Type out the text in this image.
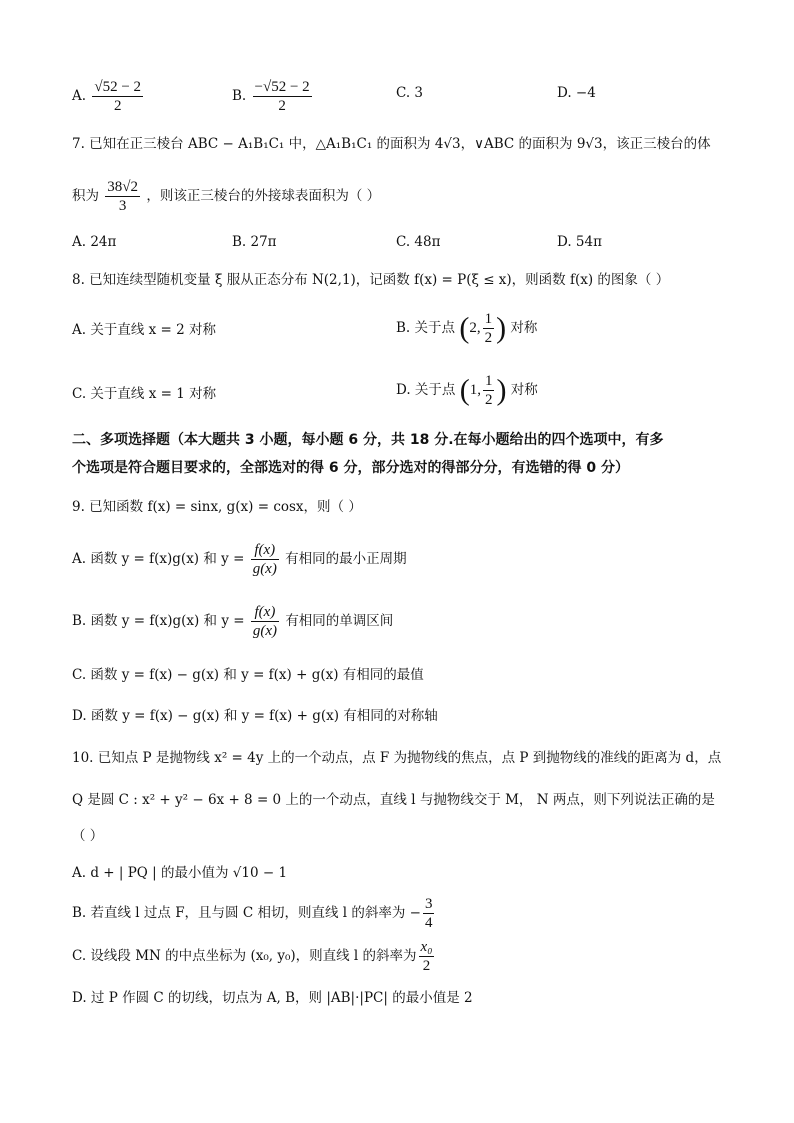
A. $\frac{√52 - 2}{2}$	B. $\frac{-√52 - 2}{2}$	C. 3	D. −4
7. 已知在正三棱台 ABC − A₁B₁C₁ 中，△A₁B₁C₁ 的面积为 4√3，∨ABC 的面积为 9√3，该正三棱台的体
积为 $\frac{38√2}{3}$ ，则该正三棱台的外接球表面积为（ ）
A. 24π	B. 27π	C. 48π	D. 54π
8. 已知连续型随机变量 ξ 服从正态分布 N(2,1)，记函数 f(x) = P(ξ ≤ x)，则函数 f(x) 的图象（ ）
A. 关于直线 x = 2 对称	B. 关于点 (2, $\frac{1}{2}$ ) 对称
C. 关于直线 x = 1 对称	D. 关于点 (1, $\frac{1}{2}$ ) 对称
二、多项选择题（本大题共 3 小题，每小题 6 分，共 18 分.在每小题给出的四个选项中，有多
个选项是符合题目要求的，全部选对的得 6 分，部分选对的得部分分，有选错的得 0 分）
9. 已知函数 f(x) = sinx, g(x) = cosx，则（ ）
A. 函数 y = f(x)g(x) 和 $y = \frac{f(x)}{g(x)}$ 有相同的最小正周期
B. 函数 y = f(x)g(x) 和 $y = \frac{f(x)}{g(x)}$ 有相同的单调区间
C. 函数 y = f(x) − g(x) 和 y = f(x) + g(x) 有相同的最值
D. 函数 y = f(x) − g(x) 和 y = f(x) + g(x) 有相同的对称轴
10. 已知点 P 是抛物线 x² = 4y 上的一个动点，点 F 为抛物线的焦点，点 P 到抛物线的准线的距离为 d，点
Q 是圆 C : x² + y² − 6x + 8 = 0 上的一个动点，直线 l 与抛物线交于 M， N 两点，则下列说法正确的是
（ ）
A. d + | PQ | 的最小值为 √10 − 1
B. 若直线 l 过点 F，且与圆 C 相切，则直线 l 的斜率为 − $\frac{3}{4}$
C. 设线段 MN 的中点坐标为 (x₀, y₀)，则直线 l 的斜率为 $\frac{\text{x₀}}{2}$
D. 过 P 作圆 C 的切线，切点为 A, B，则 |AB|·|PC| 的最小值是 2
